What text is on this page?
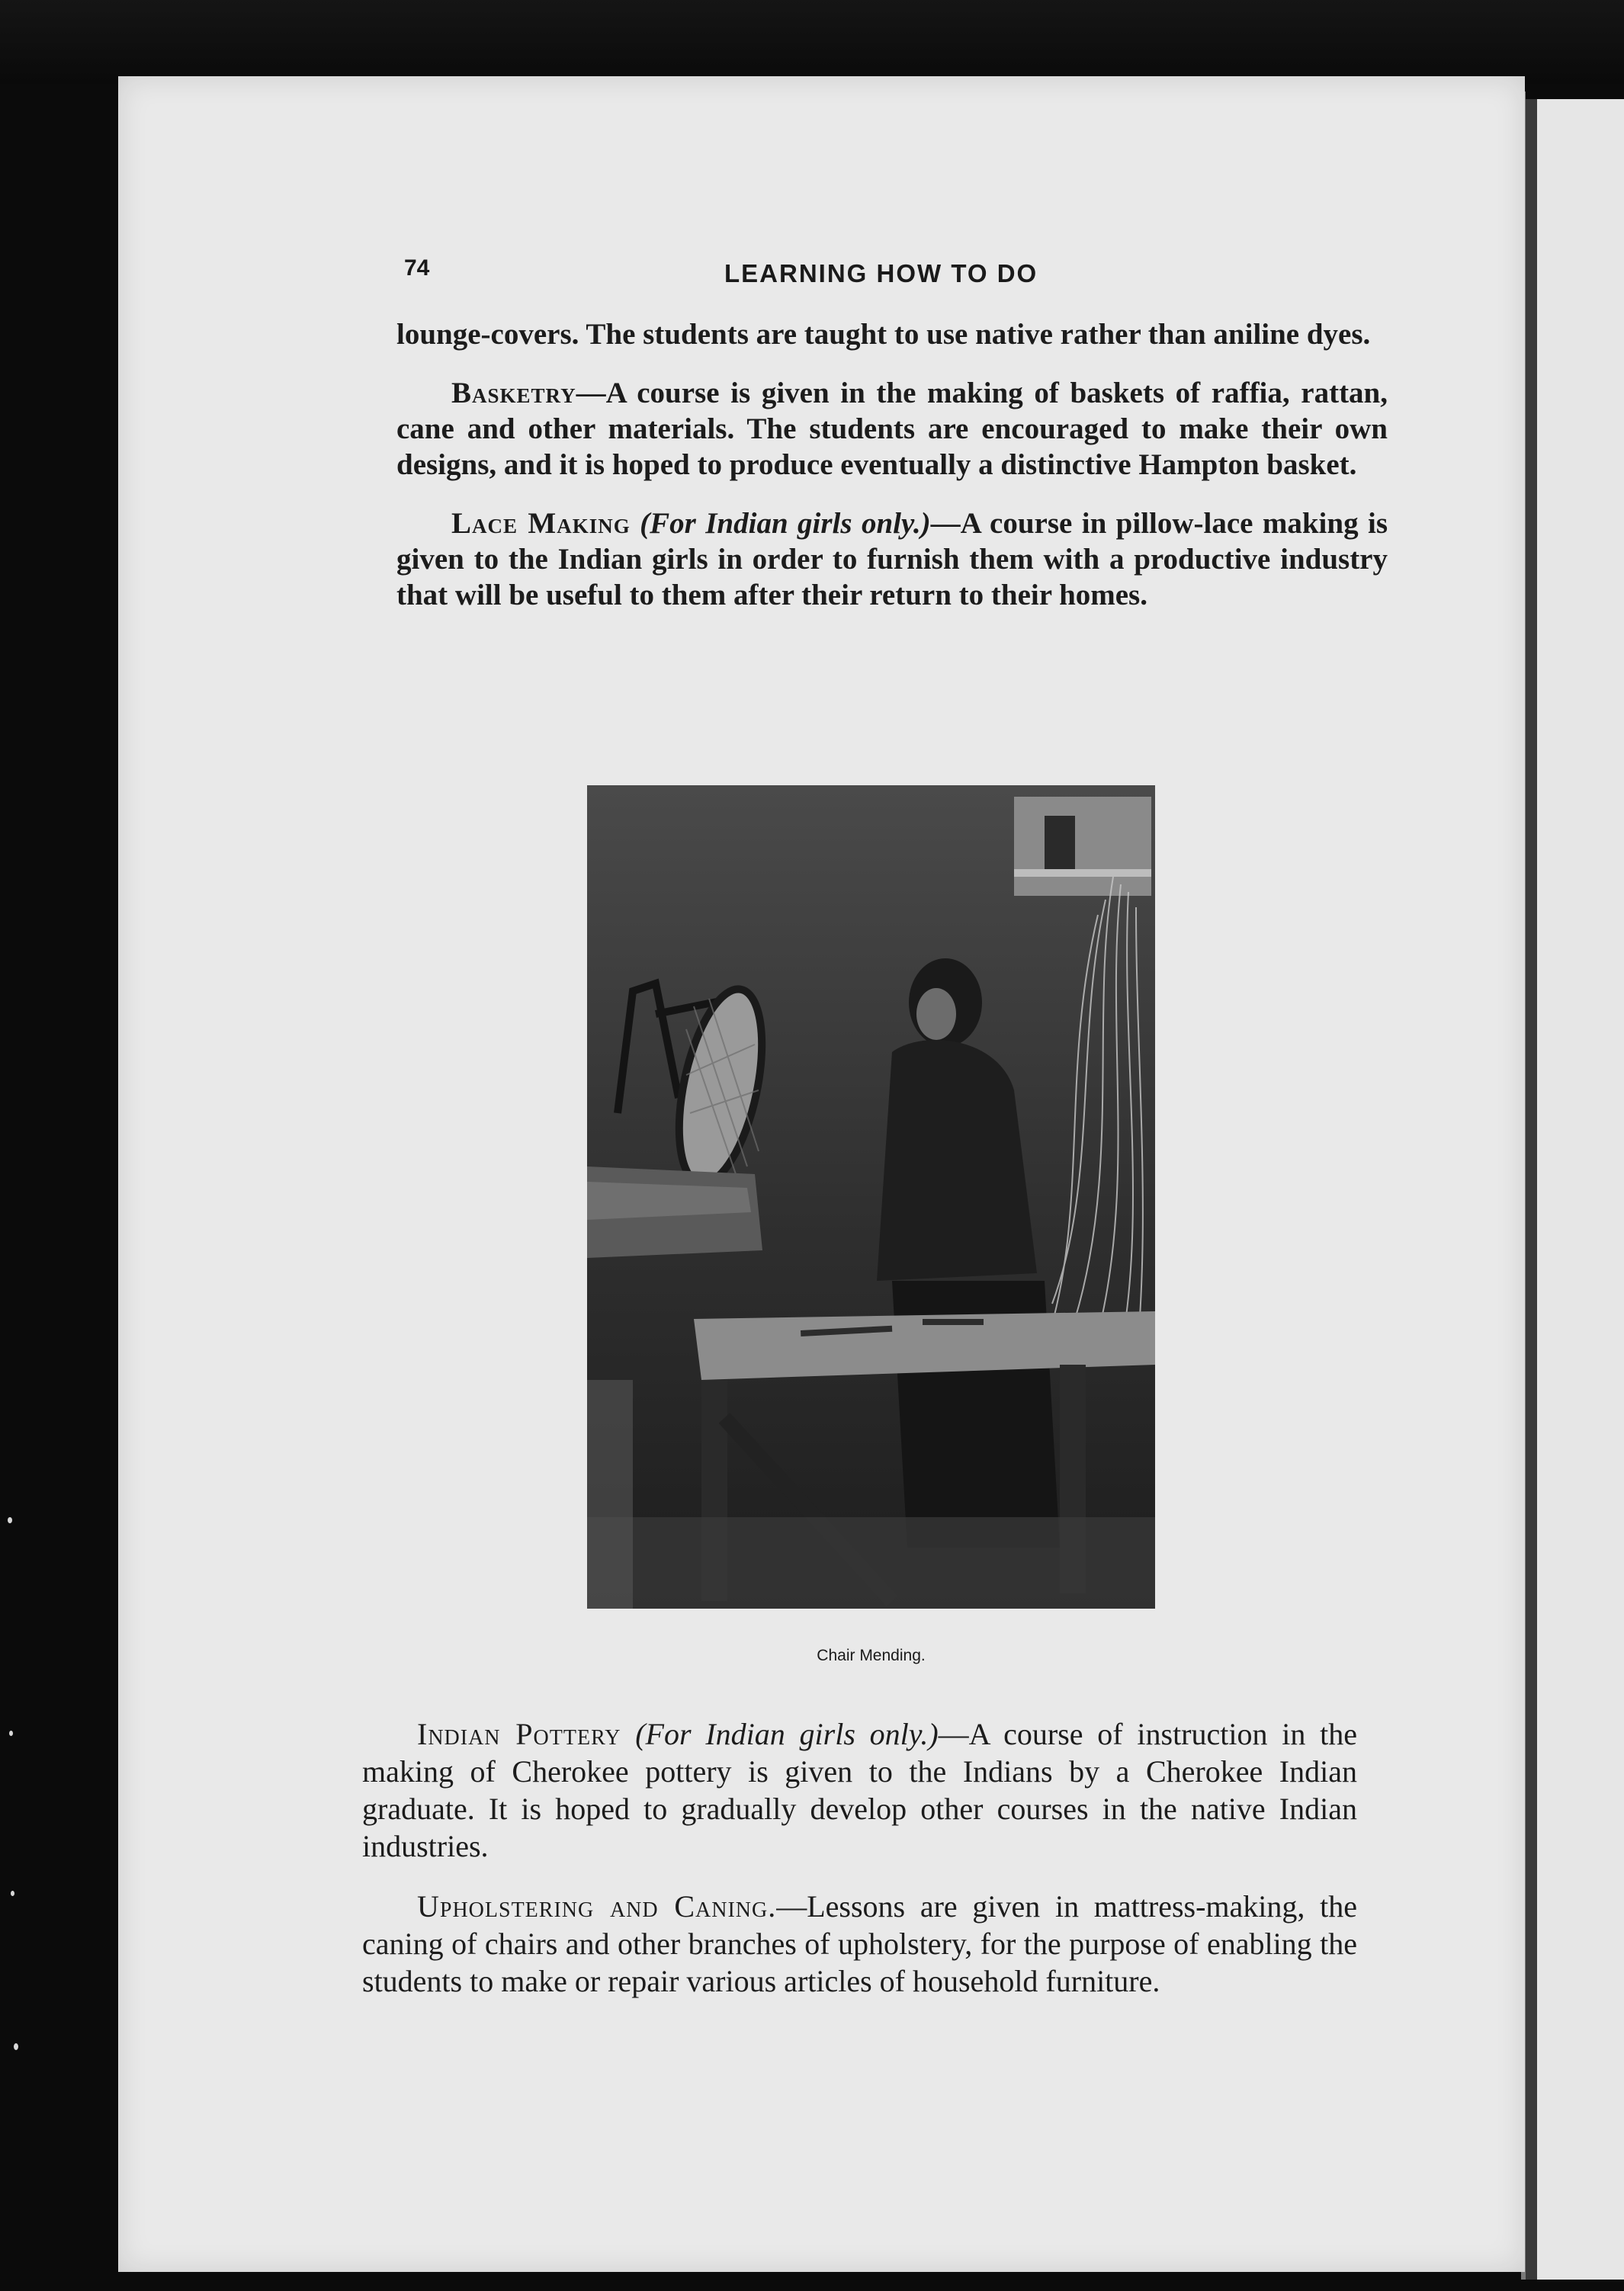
74	LEARNING HOW TO DO

lounge-covers. The students are taught to use native rather than aniline dyes.

Basketry—A course is given in the making of baskets of raffia, rattan, cane and other materials. The students are encouraged to make their own designs, and it is hoped to produce eventually a distinctive Hampton basket.

Lace Making (For Indian girls only.)—A course in pillow-lace making is given to the Indian girls in order to furnish them with a productive industry that will be useful to them after their return to their homes.

Chair Mending.

Indian Pottery (For Indian girls only.)—A course of instruction in the making of Cherokee pottery is given to the Indians by a Cherokee Indian graduate. It is hoped to gradually develop other courses in the native Indian industries.

Upholstering and Caning.—Lessons are given in mattress-making, the caning of chairs and other branches of upholstery, for the purpose of enabling the students to make or repair various articles of household furniture.
